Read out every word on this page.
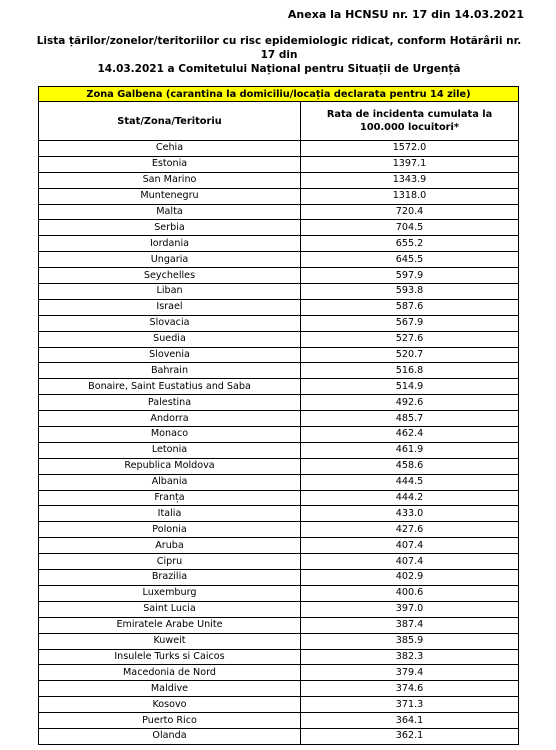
Anexa la HCNSU nr. 17 din 14.03.2021
Lista țărilor/zonelor/teritoriilor cu risc epidemiologic ridicat, conform Hotărârii nr. 17 din
14.03.2021 a Comitetului Național pentru Situații de Urgență
Zona Galbena (carantina la domiciliu/locația declarata pentru 14 zile)	
Stat/Zona/Teritoriu	Rata de incidenta cumulata la
100.000 locuitori*

Cehia	1572.0
Estonia	1397.1
San Marino	1343.9
Muntenegru	1318.0
Malta	720.4
Serbia	704.5
Iordania	655.2
Ungaria	645.5
Seychelles	597.9
Liban	593.8
Israel	587.6
Slovacia	567.9
Suedia	527.6
Slovenia	520.7
Bahrain	516.8
Bonaire, Saint Eustatius and Saba	514.9
Palestina	492.6
Andorra	485.7
Monaco	462.4
Letonia	461.9
Republica Moldova	458.6
Albania	444.5
Franța	444.2
Italia	433.0
Polonia	427.6
Aruba	407.4
Cipru	407.4
Brazilia	402.9
Luxemburg	400.6
Saint Lucia	397.0
Emiratele Arabe Unite	387.4
Kuweit	385.9
Insulele Turks si Caicos	382.3
Macedonia de Nord	379.4
Maldive	374.6
Kosovo	371.3
Puerto Rico	364.1
Olanda	362.1
